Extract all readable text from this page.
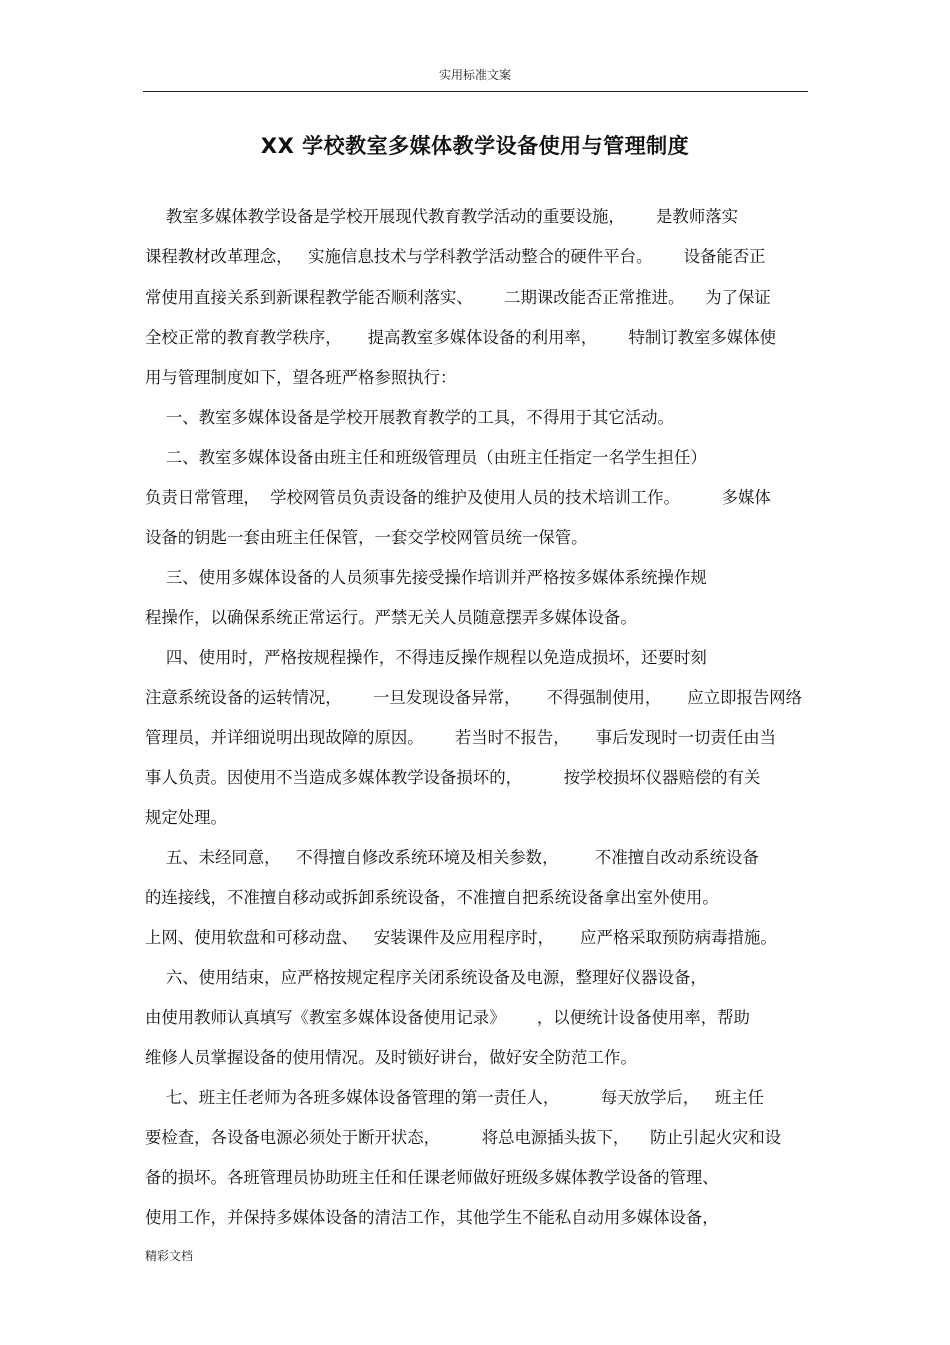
实用标准文案
XX 学校教室多媒体教学设备使用与管理制度
教室多媒体教学设备是学校开展现代教育教学活动的重要设施，      是教师落实
课程教材改革理念，   实施信息技术与学科教学活动整合的硬件平台。      设备能否正
常使用直接关系到新课程教学能否顺利落实、      二期课改能否正常推进。    为了保证
全校正常的教育教学秩序，     提高教室多媒体设备的利用率，      特制订教室多媒体使
用与管理制度如下，望各班严格参照执行：
一、教室多媒体设备是学校开展教育教学的工具，不得用于其它活动。
二、教室多媒体设备由班主任和班级管理员（由班主任指定一名学生担任）
负责日常管理，  学校网管员负责设备的维护及使用人员的技术培训工作。        多媒体
设备的钥匙一套由班主任保管，一套交学校网管员统一保管。
三、使用多媒体设备的人员须事先接受操作培训并严格按多媒体系统操作规
程操作，以确保系统正常运行。严禁无关人员随意摆弄多媒体设备。
四、使用时，严格按规程操作，不得违反操作规程以免造成损坏，还要时刻
注意系统设备的运转情况，      一旦发现设备异常，     不得强制使用，     应立即报告网络
管理员，并详细说明出现故障的原因。      若当时不报告，     事后发现时一切责任由当
事人负责。因使用不当造成多媒体教学设备损坏的，        按学校损坏仪器赔偿的有关
规定处理。
五、未经同意，   不得擅自修改系统环境及相关参数，       不准擅自改动系统设备
的连接线，不准擅自移动或拆卸系统设备，不准擅自把系统设备拿出室外使用。
上网、使用软盘和可移动盘、   安装课件及应用程序时，     应严格采取预防病毒措施。
六、使用结束，应严格按规定程序关闭系统设备及电源，整理好仪器设备，
由使用教师认真填写《教室多媒体设备使用记录》      ，以便统计设备使用率，帮助
维修人员掌握设备的使用情况。及时锁好讲台，做好安全防范工作。
七、班主任老师为各班多媒体设备管理的第一责任人，        每天放学后，   班主任
要检查，各设备电源必须处于断开状态，        将总电源插头拔下，    防止引起火灾和设
备的损坏。各班管理员协助班主任和任课老师做好班级多媒体教学设备的管理、
使用工作，并保持多媒体设备的清洁工作，其他学生不能私自动用多媒体设备，
精彩文档
